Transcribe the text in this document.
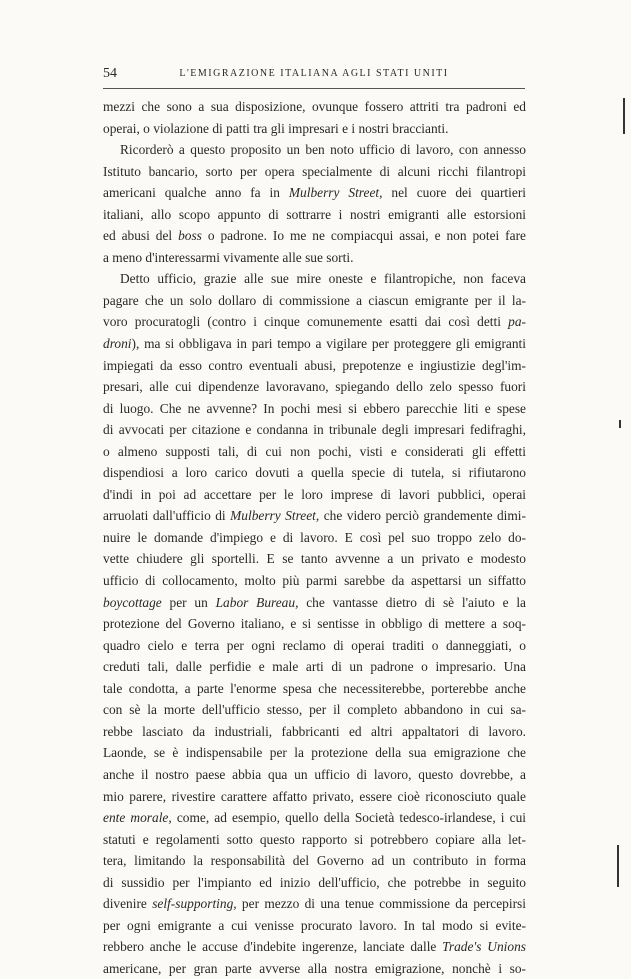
54	L'EMIGRAZIONE ITALIANA AGLI STATI UNITI
mezzi che sono a sua disposizione, ovunque fossero attriti tra padroni ed
operai, o violazione di patti tra gli impresari e i nostri braccianti.
Ricorderò a questo proposito un ben noto ufficio di lavoro, con annesso
Istituto bancario, sorto per opera specialmente di alcuni ricchi filantropi
americani qualche anno fa in Mulberry Street, nel cuore dei quartieri
italiani, allo scopo appunto di sottrarre i nostri emigranti alle estorsioni
ed abusi del boss o padrone. Io me ne compiacqui assai, e non potei fare
a meno d'interessarmi vivamente alle sue sorti.
Detto ufficio, grazie alle sue mire oneste e filantropiche, non faceva
pagare che un solo dollaro di commissione a ciascun emigrante per il la-
voro procuratogli (contro i cinque comunemente esatti dai così detti pa-
droni), ma si obbligava in pari tempo a vigilare per proteggere gli emigranti
impiegati da esso contro eventuali abusi, prepotenze e ingiustizie degl'im-
presari, alle cui dipendenze lavoravano, spiegando dello zelo spesso fuori
di luogo. Che ne avvenne? In pochi mesi si ebbero parecchie liti e spese
di avvocati per citazione e condanna in tribunale degli impresari fedifraghi,
o almeno supposti tali, di cui non pochi, visti e considerati gli effetti
dispendiosi a loro carico dovuti a quella specie di tutela, si rifiutarono
d'indi in poi ad accettare per le loro imprese di lavori pubblici, operai
arruolati dall'ufficio di Mulberry Street, che videro perciò grandemente dimi-
nuire le domande d'impiego e di lavoro. E così pel suo troppo zelo do-
vette chiudere gli sportelli. E se tanto avvenne a un privato e modesto
ufficio di collocamento, molto più parmi sarebbe da aspettarsi un siffatto
boycottage per un Labor Bureau, che vantasse dietro di sè l'aiuto e la
protezione del Governo italiano, e si sentisse in obbligo di mettere a soq-
quadro cielo e terra per ogni reclamo di operai traditi o danneggiati, o
creduti tali, dalle perfidie e male arti di un padrone o impresario. Una
tale condotta, a parte l'enorme spesa che necessiterebbe, porterebbe anche
con sè la morte dell'ufficio stesso, per il completo abbandono in cui sa-
rebbe lasciato da industriali, fabbricanti ed altri appaltatori di lavoro.
Laonde, se è indispensabile per la protezione della sua emigrazione che
anche il nostro paese abbia qua un ufficio di lavoro, questo dovrebbe, a
mio parere, rivestire carattere affatto privato, essere cioè riconosciuto quale
ente morale, come, ad esempio, quello della Società tedesco-irlandese, i cui
statuti e regolamenti sotto questo rapporto si potrebbero copiare alla let-
tera, limitando la responsabilità del Governo ad un contributo in forma
di sussidio per l'impianto ed inizio dell'ufficio, che potrebbe in seguito
divenire self-supporting, per mezzo di una tenue commissione da percepirsi
per ogni emigrante a cui venisse procurato lavoro. In tal modo si evite-
rebbero anche le accuse d'indebite ingerenze, lanciate dalle Trade's Unions
americane, per gran parte avverse alla nostra emigrazione, nonchè i so-
